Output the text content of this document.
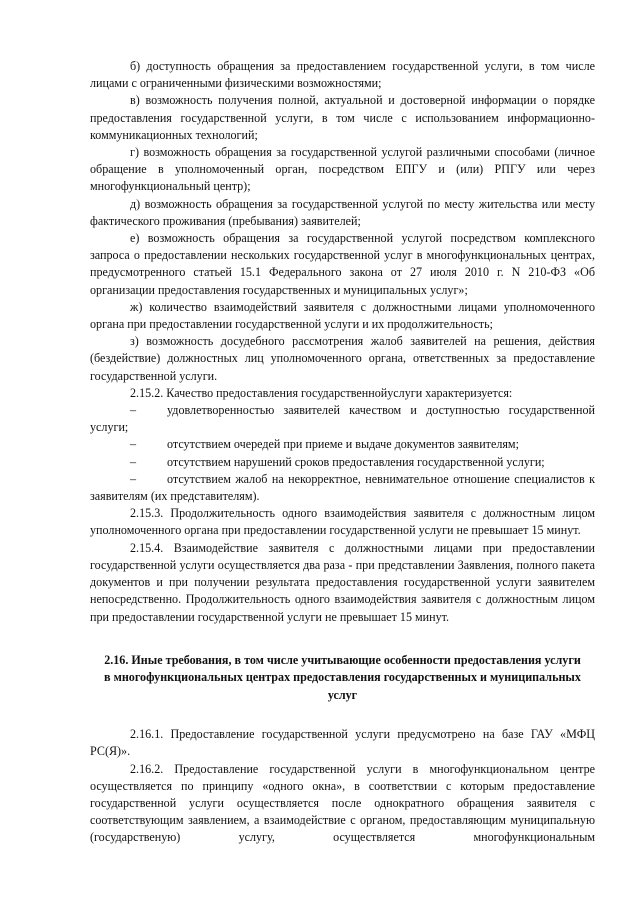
б) доступность обращения за предоставлением государственной услуги, в том числе лицами с ограниченными физическими возможностями;

в) возможность получения полной, актуальной и достоверной информации о порядке предоставления государственной услуги, в том числе с использованием информационно-коммуникационных технологий;

г) возможность обращения за государственной услугой различными способами (личное обращение в уполномоченный орган, посредством ЕПГУ и (или) РПГУ или через многофункциональный центр);

д) возможность обращения за государственной услугой по месту жительства или месту фактического проживания (пребывания) заявителей;

е) возможность обращения за государственной услугой посредством комплексного запроса о предоставлении нескольких государственной услуг в многофункциональных центрах, предусмотренного статьей 15.1 Федерального закона от 27 июля 2010 г. N 210-ФЗ «Об организации предоставления государственных и муниципальных услуг»;

ж) количество взаимодействий заявителя с должностными лицами уполномоченного органа при предоставлении государственной услуги и их продолжительность;

з) возможность досудебного рассмотрения жалоб заявителей на решения, действия (бездействие) должностных лиц уполномоченного органа, ответственных за предоставление государственной услуги.

2.15.2. Качество предоставления государственнойуслуги характеризуется:

–	удовлетворенностью заявителей качеством и доступностью государственной услуги;

–	отсутствием очередей при приеме и выдаче документов заявителям;

–	отсутствием нарушений сроков предоставления государственной услуги;

–	отсутствием жалоб на некорректное, невнимательное отношение специалистов к заявителям (их представителям).

2.15.3. Продолжительность одного взаимодействия заявителя с должностным лицом уполномоченного органа при предоставлении государственной услуги не превышает 15 минут.

2.15.4. Взаимодействие заявителя с должностными лицами при предоставлении государственной услуги осуществляется два раза - при представлении Заявления, полного пакета документов и при получении результата предоставления государственной услуги заявителем непосредственно. Продолжительность одного взаимодействия заявителя с должностным лицом при предоставлении государственной услуги не превышает 15 минут.

2.16. Иные требования, в том числе учитывающие особенности предоставления услуги в многофункциональных центрах предоставления государственных и муниципальных услуг

2.16.1. Предоставление государственной услуги предусмотрено на базе ГАУ «МФЦ РС(Я)».

2.16.2. Предоставление государственной услуги в многофункциональном центре осуществляется по принципу «одного окна», в соответствии с которым предоставление государственной услуги осуществляется после однократного обращения заявителя с соответствующим заявлением, а взаимодействие с органом, предоставляющим муниципальную (государственую) услугу, осуществляется многофункциональным
